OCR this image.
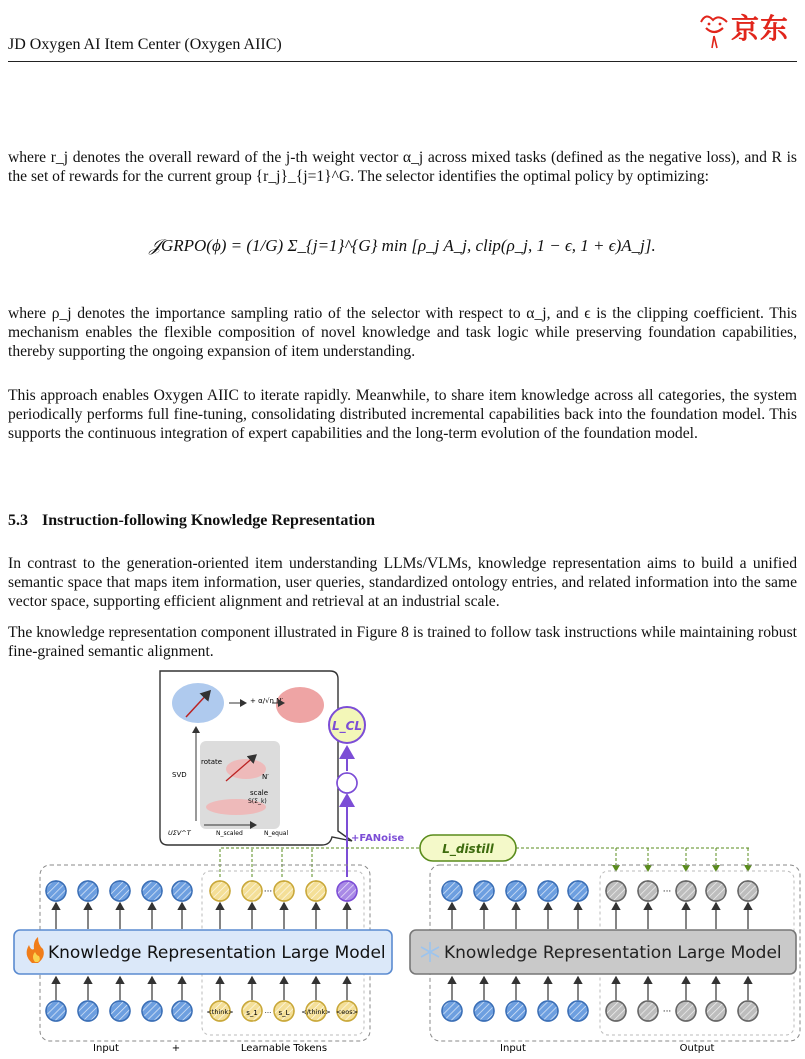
JD Oxygen AI Item Center (Oxygen AIIC)	京东

where r_j denotes the overall reward of the j-th weight vector α_j across mixed tasks (defined as the negative loss), and R is the set of rewards for the current group {r_j}_{j=1}^G. The selector identifies the optimal policy by optimizing:

𝒥GRPO(ϕ) = (1/G) Σ_{j=1}^{G} min [ρ_j A_j, clip(ρ_j, 1 − ϵ, 1 + ϵ)A_j].

where ρ_j denotes the importance sampling ratio of the selector with respect to α_j, and ϵ is the clipping coefficient. This mechanism enables the flexible composition of novel knowledge and task logic while preserving foundation capabilities, thereby supporting the ongoing expansion of item understanding.

This approach enables Oxygen AIIC to iterate rapidly. Meanwhile, to share item knowledge across all categories, the system periodically performs full fine-tuning, consolidating distributed incremental capabilities back into the foundation model. This supports the continuous integration of expert capabilities and the long-term evolution of the foundation model.

5.3 Instruction-following Knowledge Representation

In contrast to the generation-oriented item understanding LLMs/VLMs, knowledge representation aims to build a unified semantic space that maps item information, user queries, standardized ontology entries, and related information into the same vector space, supporting efficient alignment and retrieval at an industrial scale.

The knowledge representation component illustrated in Figure 8 is trained to follow task instructions while maintaining robust fine-grained semantic alignment.

+ α/√n N′
N′
rotate
scale
S(Σ_k)
SVD
UΣV^T	N_scaled	N_equal
L_CL
+FANoise
L_distill
Knowledge Representation Large Model	Knowledge Representation Large Model
···	···
···
<think> s_1 ··· s_L </think> <eos>
Input	+	Learnable Tokens	Input	Output
